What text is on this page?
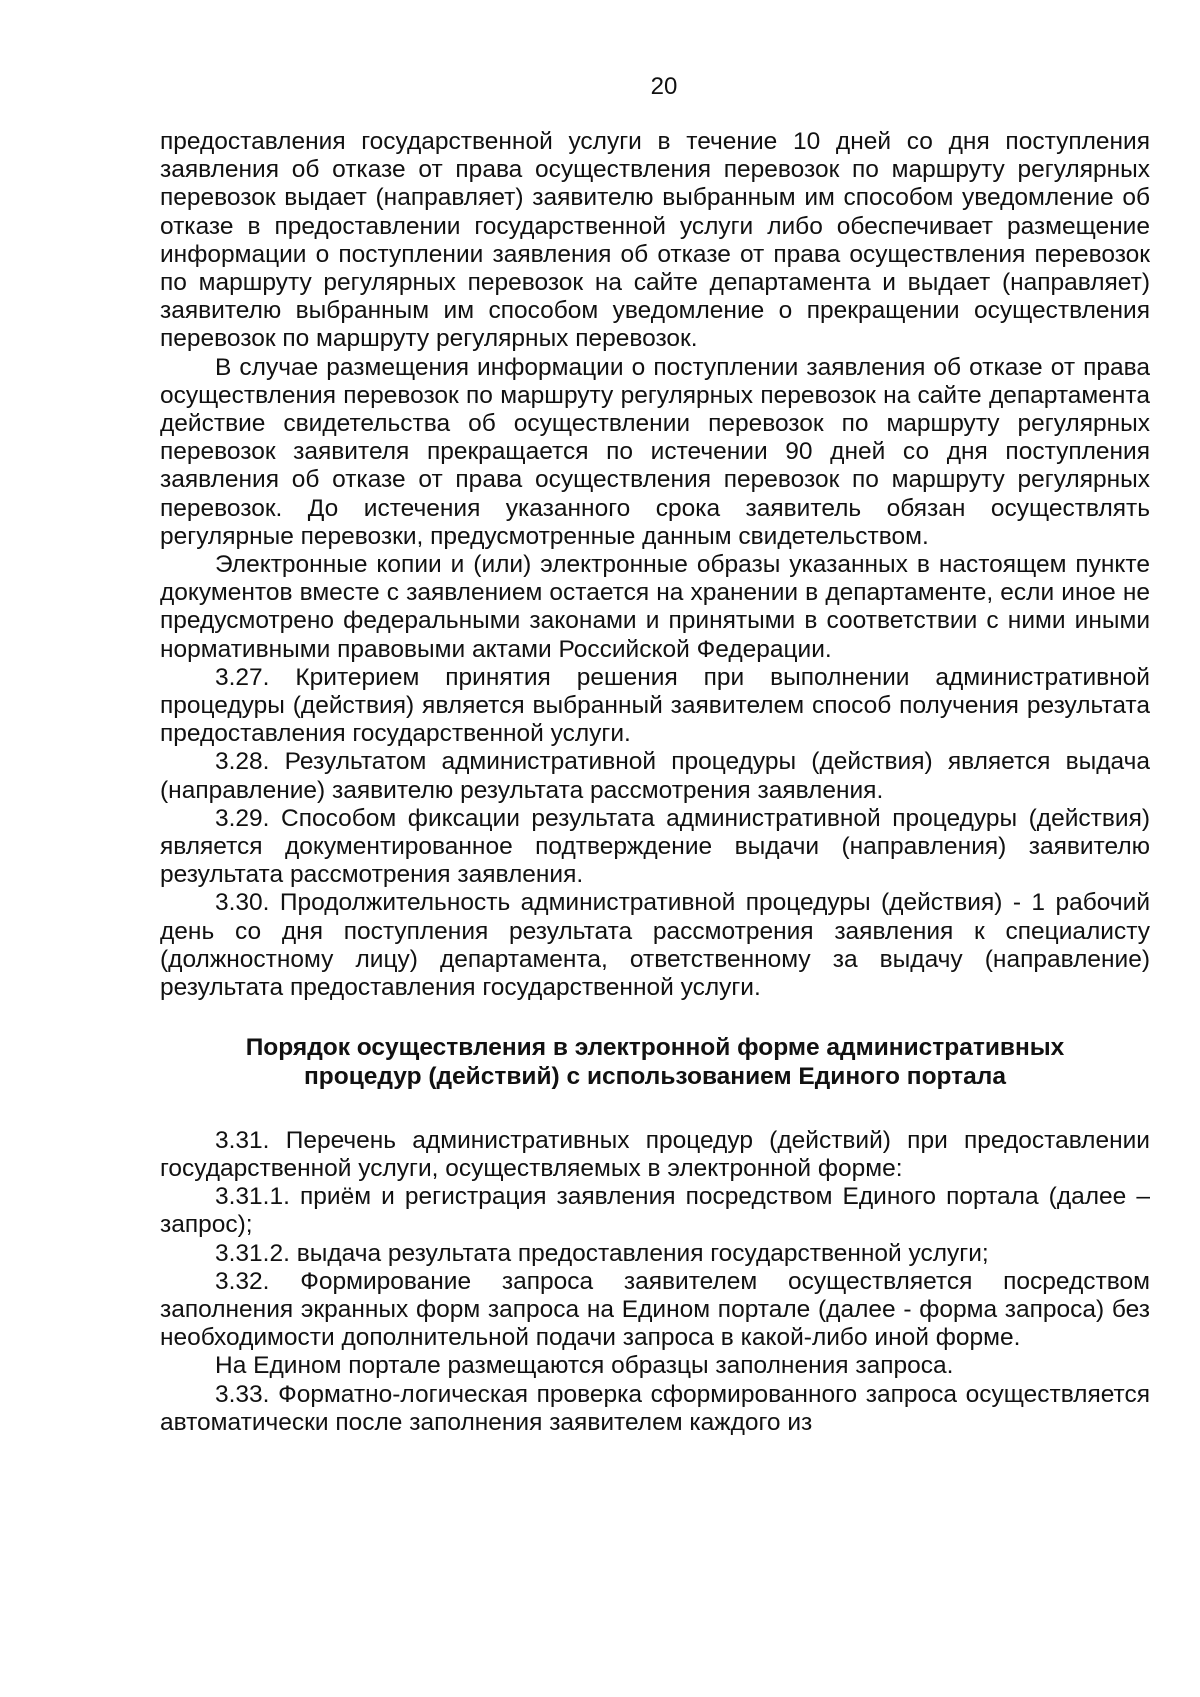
20

предоставления государственной услуги в течение 10 дней со дня поступления заявления об отказе от права осуществления перевозок по маршруту регулярных перевозок выдает (направляет) заявителю выбранным им способом уведомление об отказе в предоставлении государственной услуги либо обеспечивает размещение информации о поступлении заявления об отказе от права осуществления перевозок по маршруту регулярных перевозок на сайте департамента и выдает (направляет) заявителю выбранным им способом уведомление о прекращении осуществления перевозок по маршруту регулярных перевозок.

В случае размещения информации о поступлении заявления об отказе от права осуществления перевозок по маршруту регулярных перевозок на сайте департамента действие свидетельства об осуществлении перевозок по маршруту регулярных перевозок заявителя прекращается по истечении 90 дней со дня поступления заявления об отказе от права осуществления перевозок по маршруту регулярных перевозок. До истечения указанного срока заявитель обязан осуществлять регулярные перевозки, предусмотренные данным свидетельством.

Электронные копии и (или) электронные образы указанных в настоящем пункте документов вместе с заявлением остается на хранении в департаменте, если иное не предусмотрено федеральными законами и принятыми в соответствии с ними иными нормативными правовыми актами Российской Федерации.

3.27. Критерием принятия решения при выполнении административной процедуры (действия) является выбранный заявителем способ получения результата предоставления государственной услуги.

3.28. Результатом административной процедуры (действия) является выдача (направление) заявителю результата рассмотрения заявления.

3.29. Способом фиксации результата административной процедуры (действия) является документированное подтверждение выдачи (направления) заявителю результата рассмотрения заявления.

3.30. Продолжительность административной процедуры (действия) - 1 рабочий день со дня поступления результата рассмотрения заявления к специалисту (должностному лицу) департамента, ответственному за выдачу (направление) результата предоставления государственной услуги.

Порядок осуществления в электронной форме административных
процедур (действий) с использованием Единого портала

3.31. Перечень административных процедур (действий) при предоставлении государственной услуги, осуществляемых в электронной форме:

3.31.1. приём и регистрация заявления посредством Единого портала (далее – запрос);

3.31.2. выдача результата предоставления государственной услуги;

3.32. Формирование запроса заявителем осуществляется посредством заполнения экранных форм запроса на Едином портале (далее - форма запроса) без необходимости дополнительной подачи запроса в какой-либо иной форме.

На Едином портале размещаются образцы заполнения запроса.

3.33. Форматно-логическая проверка сформированного запроса осуществляется автоматически после заполнения заявителем каждого из
